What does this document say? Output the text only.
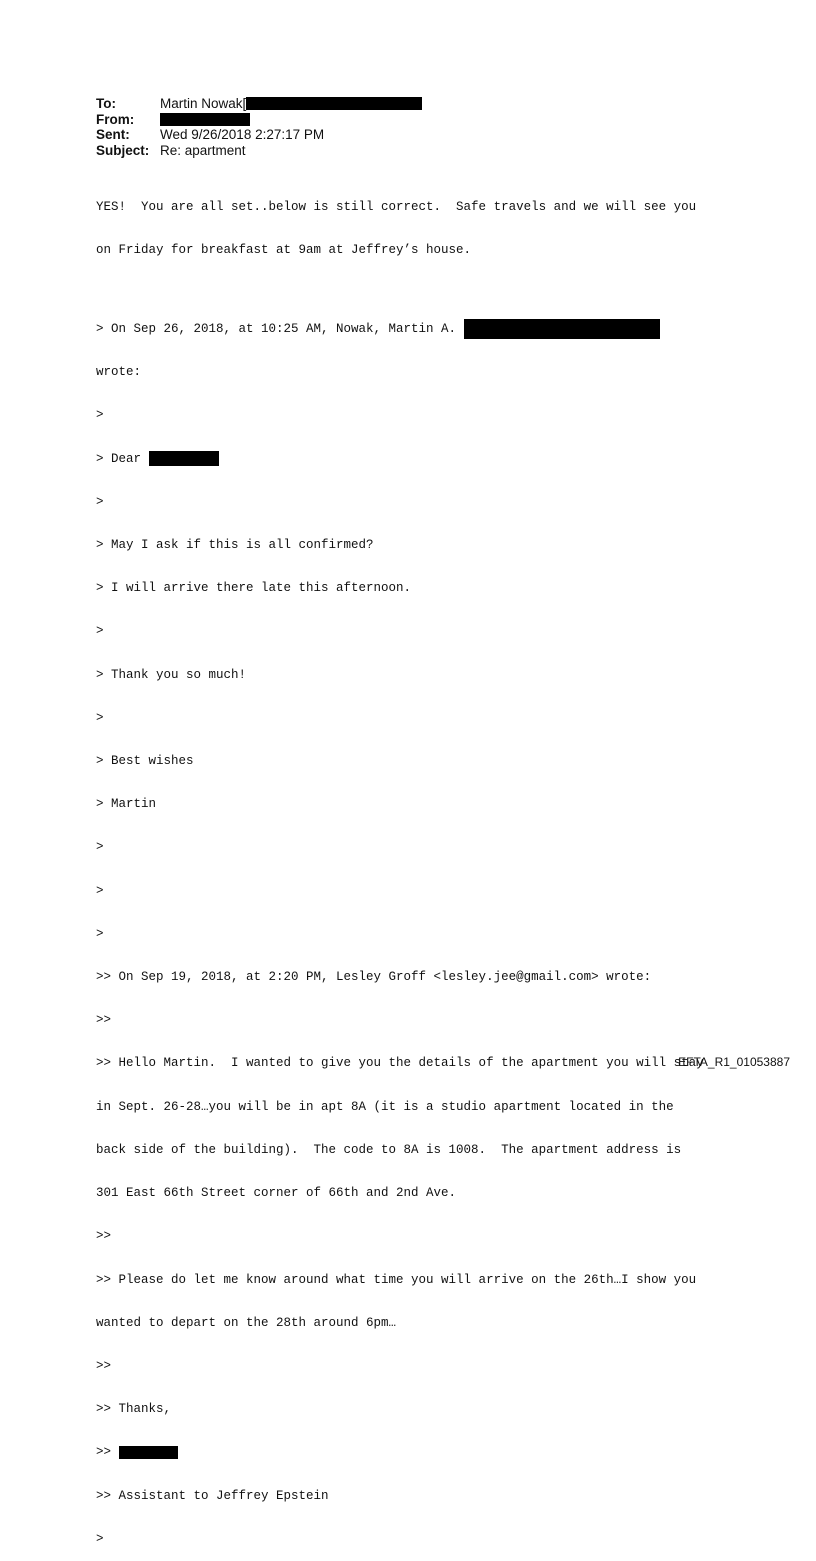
To:	Martin Nowak[
From:
Sent:	Wed 9/26/2018 2:27:17 PM
Subject: Re: apartment

YES!  You are all set..below is still correct.  Safe travels and we will see you

on Friday for breakfast at 9am at Jeffrey’s house.

> On Sep 26, 2018, at 10:25 AM, Nowak, Martin A.

wrote:

>

> Dear

>

> May I ask if this is all confirmed?

> I will arrive there late this afternoon.

>

> Thank you so much!

>

> Best wishes

> Martin

>

>

>

>> On Sep 19, 2018, at 2:20 PM, Lesley Groff <lesley.jee@gmail.com> wrote:

>>

>> Hello Martin.  I wanted to give you the details of the apartment you will stay

in Sept. 26-28…you will be in apt 8A (it is a studio apartment located in the

back side of the building).  The code to 8A is 1008.  The apartment address is

301 East 66th Street corner of 66th and 2nd Ave.

>>

>> Please do let me know around what time you will arrive on the 26th…I show you

wanted to depart on the 28th around 6pm…

>>

>> Thanks,

>>

>> Assistant to Jeffrey Epstein

>

EFTA_R1_01053887
